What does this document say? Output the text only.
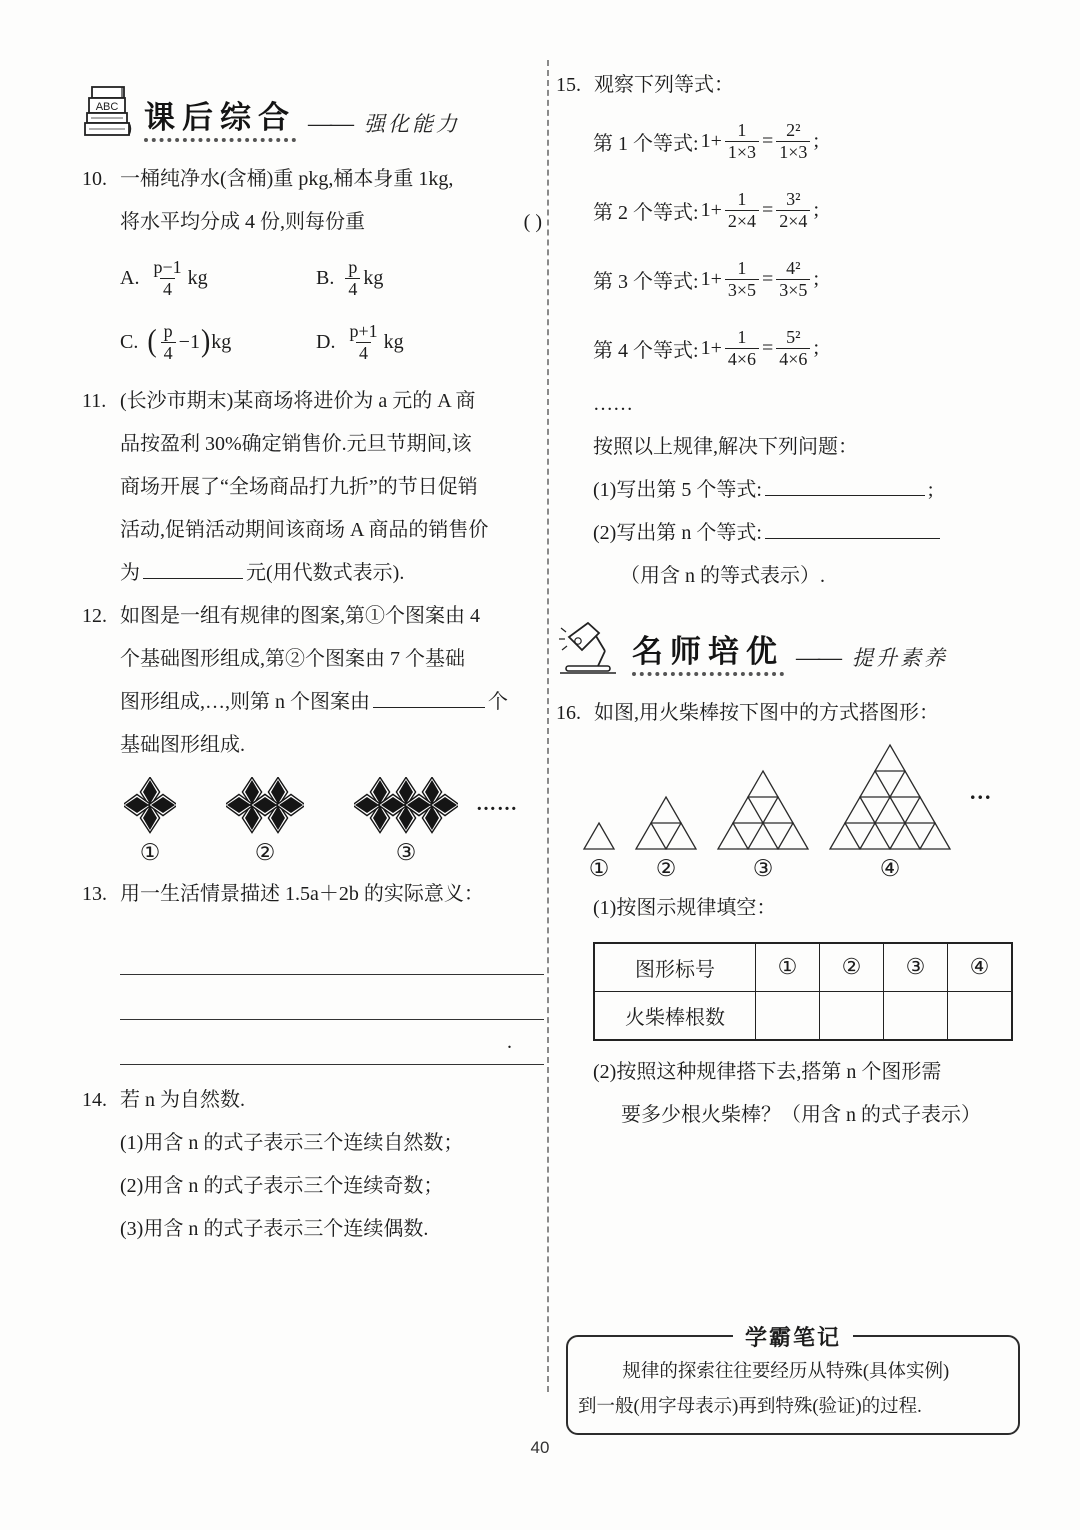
ABC 课后综合 —— 强化能力
10. 一桶纯净水(含桶)重 pkg,桶本身重 1kg,
将水平均分成 4 份,则每份重	( )
A. $\frac{p-1}{4}$ kg	B. $\frac{p}{4}$ kg
C. ( $\frac{p}{4} -1$ ) kg	D. $\frac{p+1}{4}$ kg
11. (长沙市期末)某商场将进价为 a 元的 A 商
品按盈利 30%确定销售价.元旦节期间,该
商场开展了“全场商品打九折”的节日促销
活动,促销活动期间该商场 A 商品的销售价
为	元(用代数式表示).
12. 如图是一组有规律的图案,第①个图案由 4
个基础图形组成,第②个图案由 7 个基础
图形组成,…,则第 n 个图案由	个
基础图形组成.
①	②	③
……
13. 用一生活情景描述 1.5a＋2b 的实际意义：
.
14. 若 n 为自然数.
(1)用含 n 的式子表示三个连续自然数；
(2)用含 n 的式子表示三个连续奇数；
(3)用含 n 的式子表示三个连续偶数.
15. 观察下列等式：
第 1 个等式: $1+ \frac{1}{1\times 3} = \frac{\text{2²}}{1\times 3}$ ;
第 2 个等式: $1+ \frac{1}{2\times 4} = \frac{\text{3²}}{2\times 4}$ ;
第 3 个等式: $1+ \frac{1}{3\times 5} = \frac{\text{4²}}{3\times 5}$ ;
第 4 个等式: $1+ \frac{1}{4\times 6} = \frac{\text{5²}}{4\times 6}$ ;
……
按照以上规律,解决下列问题：
(1)写出第 5 个等式:	;
(2)写出第 n 个等式:
（用含 n 的等式表示）.
名师培优 —— 提升素养
16. 如图,用火柴棒按下图中的方式搭图形：
① ②	③	④
...
(1)按图示规律填空：
图形标号	①	②	③	④
火柴棒根数				
(2)按照这种规律搭下去,搭第 n 个图形需
要多少根火柴棒？（用含 n 的式子表示）
学霸笔记
规律的探索往往要经历从特殊(具体实例)
到一般(用字母表示)再到特殊(验证)的过程.
40
